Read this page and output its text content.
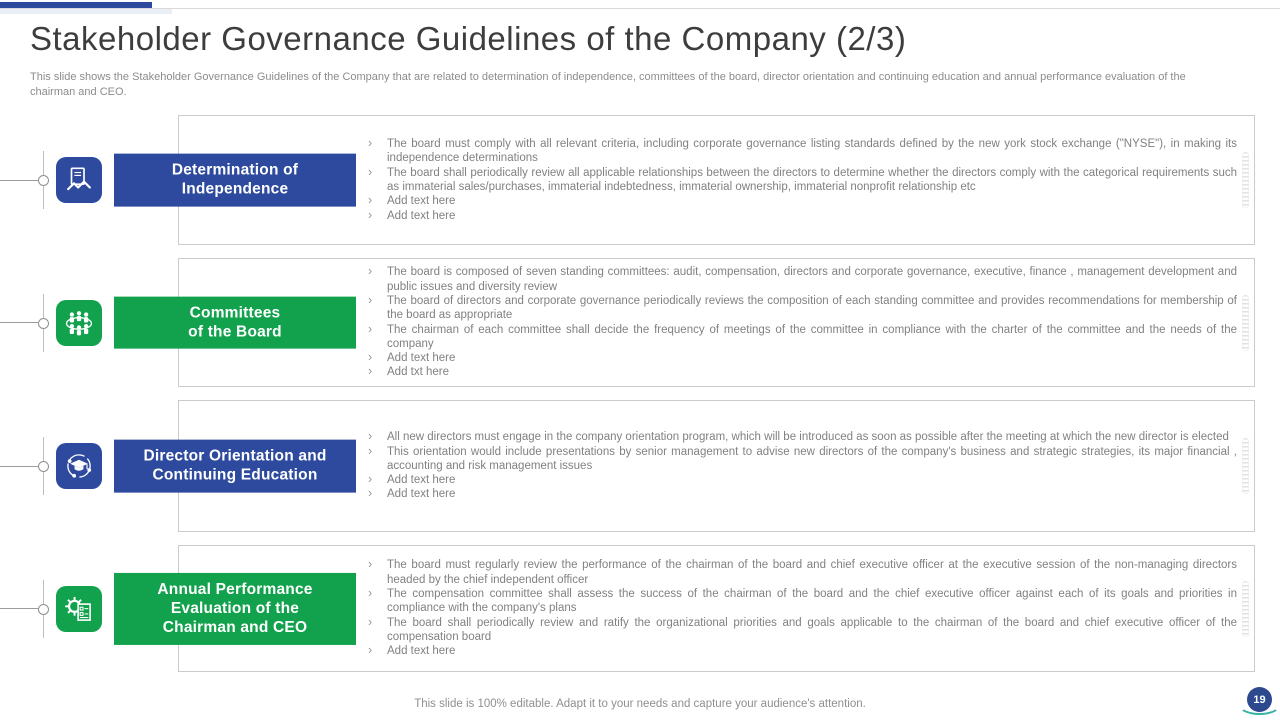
Stakeholder Governance Guidelines of the Company (2/3)

This slide shows the Stakeholder Governance Guidelines of the Company that are related to determination of independence, committees of the board, director orientation and continuing education and annual performance evaluation of the chairman and CEO.

Determination of
Independence
› The board must comply with all relevant criteria, including corporate governance listing standards defined by the new york stock exchange ("NYSE"), in making its independence determinations
› The board shall periodically review all applicable relationships between the directors to determine whether the directors comply with the categorical requirements such as immaterial sales/purchases, immaterial indebtedness, immaterial ownership, immaterial nonprofit relationship etc
› Add text here
› Add text here
Committees
of the Board
› The board is composed of seven standing committees: audit, compensation, directors and corporate governance, executive, finance , management development and public issues and diversity review
› The board of directors and corporate governance periodically reviews the composition of each standing committee and provides recommendations for membership of the board as appropriate
› The chairman of each committee shall decide the frequency of meetings of the committee in compliance with the charter of the committee and the needs of the company
› Add text here
› Add txt here
Director Orientation and
Continuing Education
› All new directors must engage in the company orientation program, which will be introduced as soon as possible after the meeting at which the new director is elected
› This orientation would include presentations by senior management to advise new directors of the company's business and strategic strategies, its major financial , accounting and risk management issues
› Add text here
› Add text here
Annual Performance
Evaluation of the
Chairman and CEO
› The board must regularly review the performance of the chairman of the board and chief executive officer at the executive session of the non-managing directors headed by the chief independent officer
› The compensation committee shall assess the success of the chairman of the board and the chief executive officer against each of its goals and priorities in compliance with the company's plans
› The board shall periodically review and ratify the organizational priorities and goals applicable to the chairman of the board and chief executive officer of the compensation board
› Add text here

This slide is 100% editable. Adapt it to your needs and capture your audience's attention.	19
